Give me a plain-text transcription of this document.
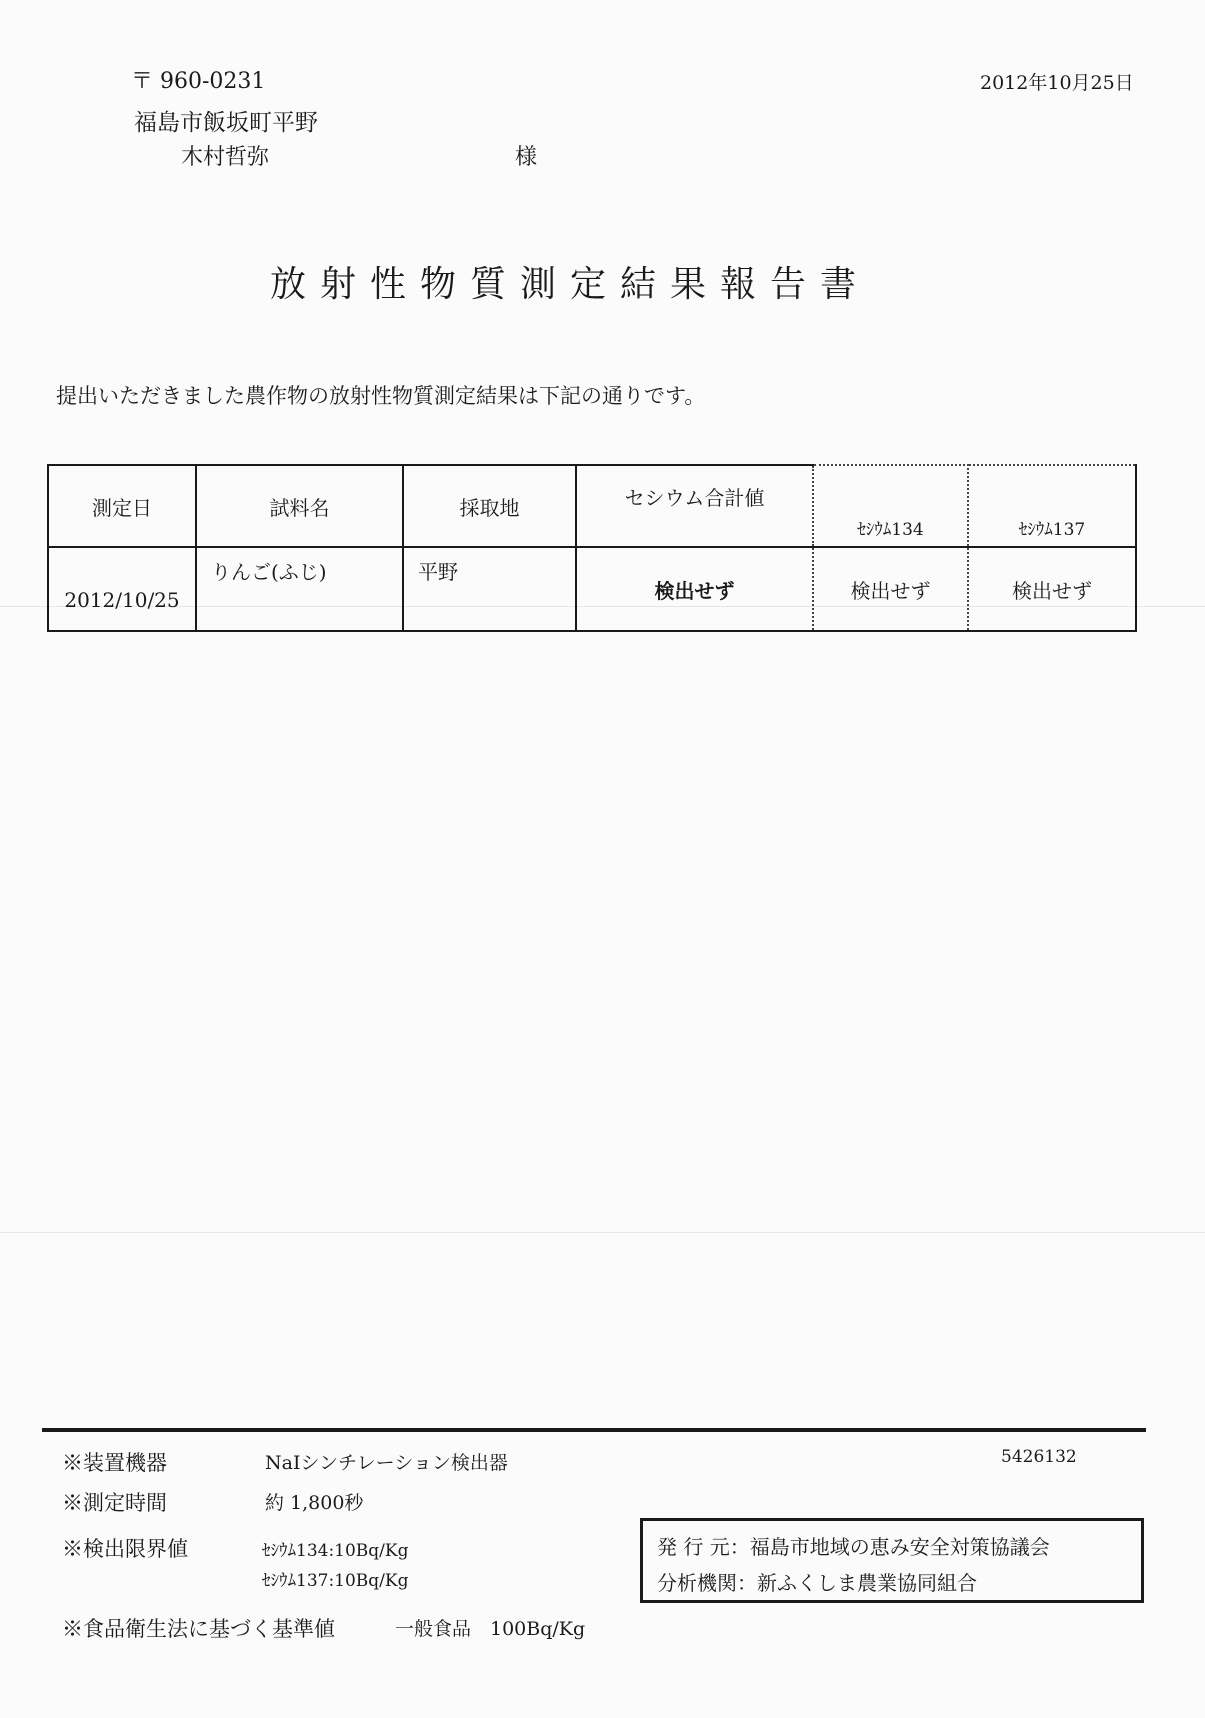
〒 960-0231	2012年10月25日
福島市飯坂町平野
木村哲弥	様
放射性物質測定結果報告書
提出いただきました農作物の放射性物質測定結果は下記の通りです。
測定日	試料名	採取地	セシウム合計値	ｾｼｳﾑ134	ｾｼｳﾑ137
2012/10/25	りんご(ふじ)	平野	検出せず	検出せず	検出せず
※装置機器	NaIシンチレーション検出器	5426132
※測定時間	約 1,800秒
※検出限界値	ｾｼｳﾑ134:10Bq/Kg
ｾｼｳﾑ137:10Bq/Kg
※食品衛生法に基づく基準値	一般食品　100Bq/Kg
発 行 元：福島市地域の恵み安全対策協議会
分析機関：新ふくしま農業協同組合
